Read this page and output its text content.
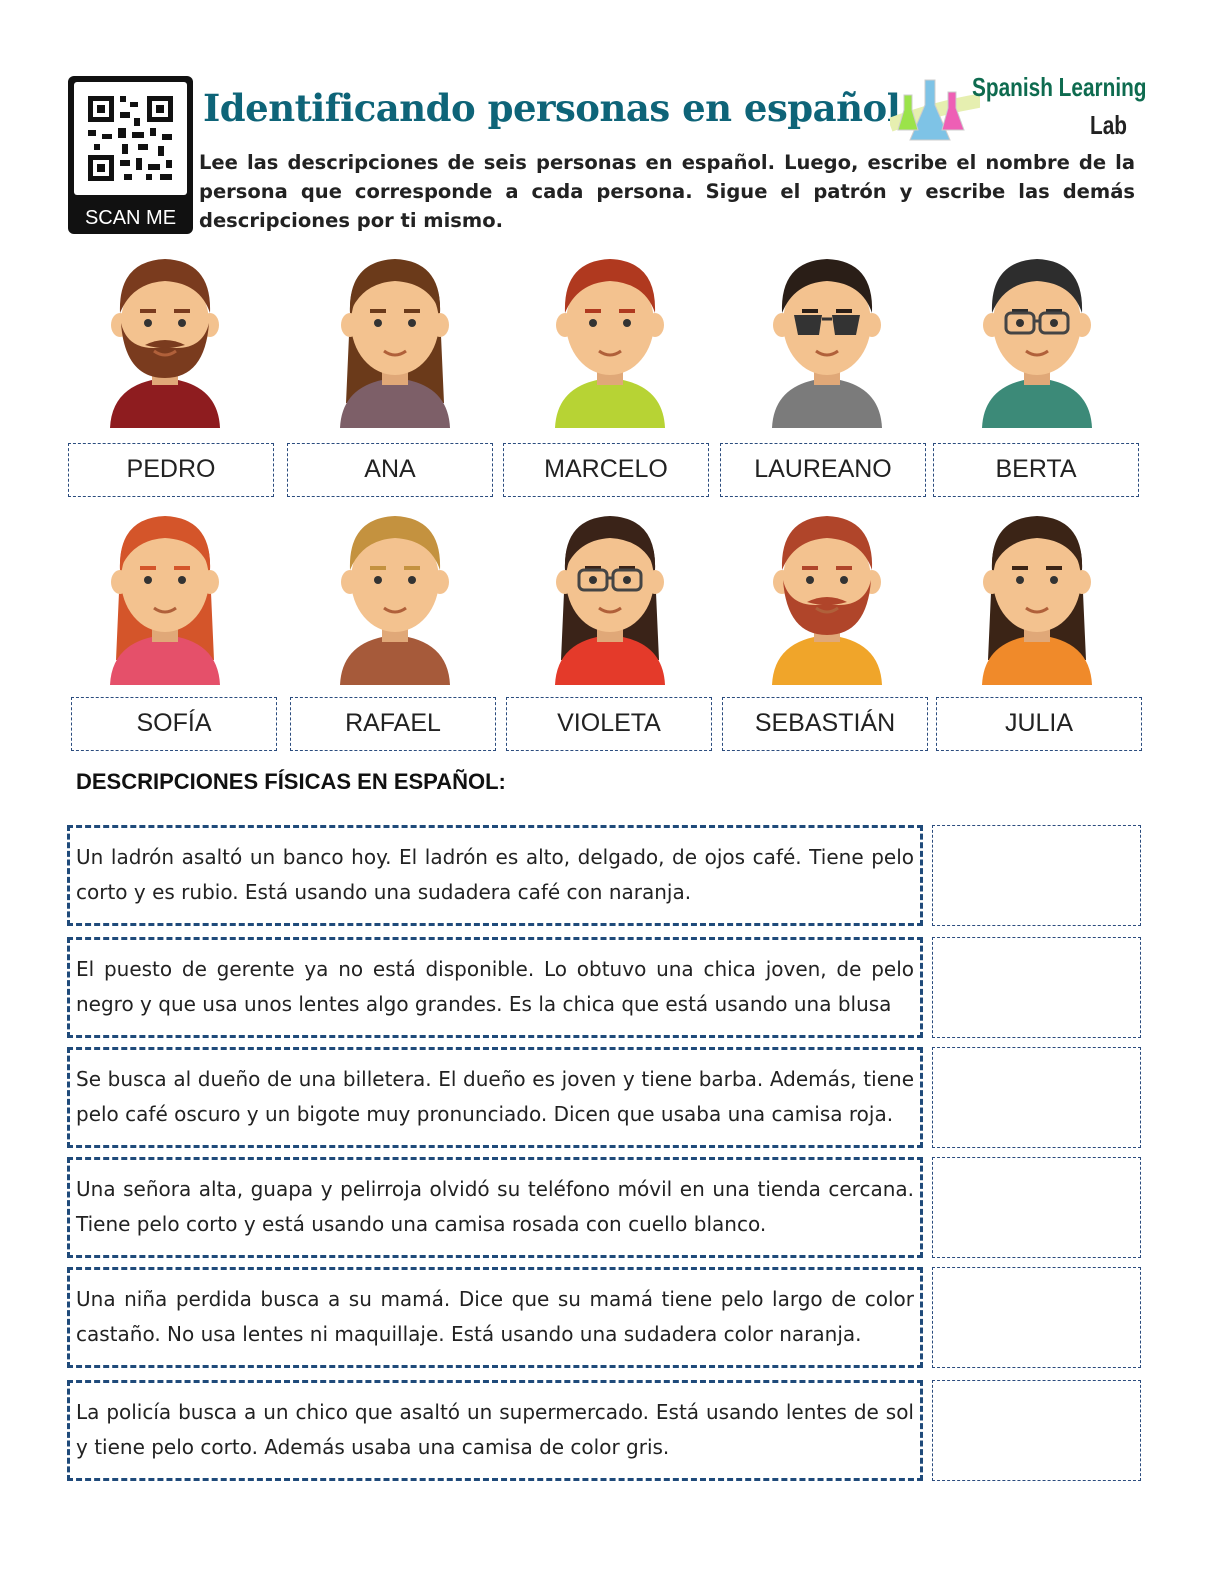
SCAN ME
Identificando personas en español	Spanish Learning
Lab
Lee las descripciones de seis personas en español. Luego, escribe el nombre de la persona que corresponde a cada persona. Sigue el patrón y escribe las demás descripciones por ti mismo.
PEDRO	ANA	MARCELO	LAUREANO	BERTA
SOFÍA	RAFAEL	VIOLETA	SEBASTIÁN	JULIA
DESCRIPCIONES FÍSICAS EN ESPAÑOL:
Un ladrón asaltó un banco hoy. El ladrón es alto, delgado, de ojos café. Tiene pelo corto y es rubio. Está usando una sudadera café con naranja.
El puesto de gerente ya no está disponible. Lo obtuvo una chica joven, de pelo negro y que usa unos lentes algo grandes. Es la chica que está usando una blusa
Se busca al dueño de una billetera. El dueño es joven y tiene barba. Además, tiene pelo café oscuro y un bigote muy pronunciado. Dicen que usaba una camisa roja.
Una señora alta, guapa y pelirroja olvidó su teléfono móvil en una tienda cercana. Tiene pelo corto y está usando una camisa rosada con cuello blanco.
Una niña perdida busca a su mamá. Dice que su mamá tiene pelo largo de color castaño. No usa lentes ni maquillaje. Está usando una sudadera color naranja.
La policía busca a un chico que asaltó un supermercado. Está usando lentes de sol y tiene pelo corto. Además usaba una camisa de color gris.
